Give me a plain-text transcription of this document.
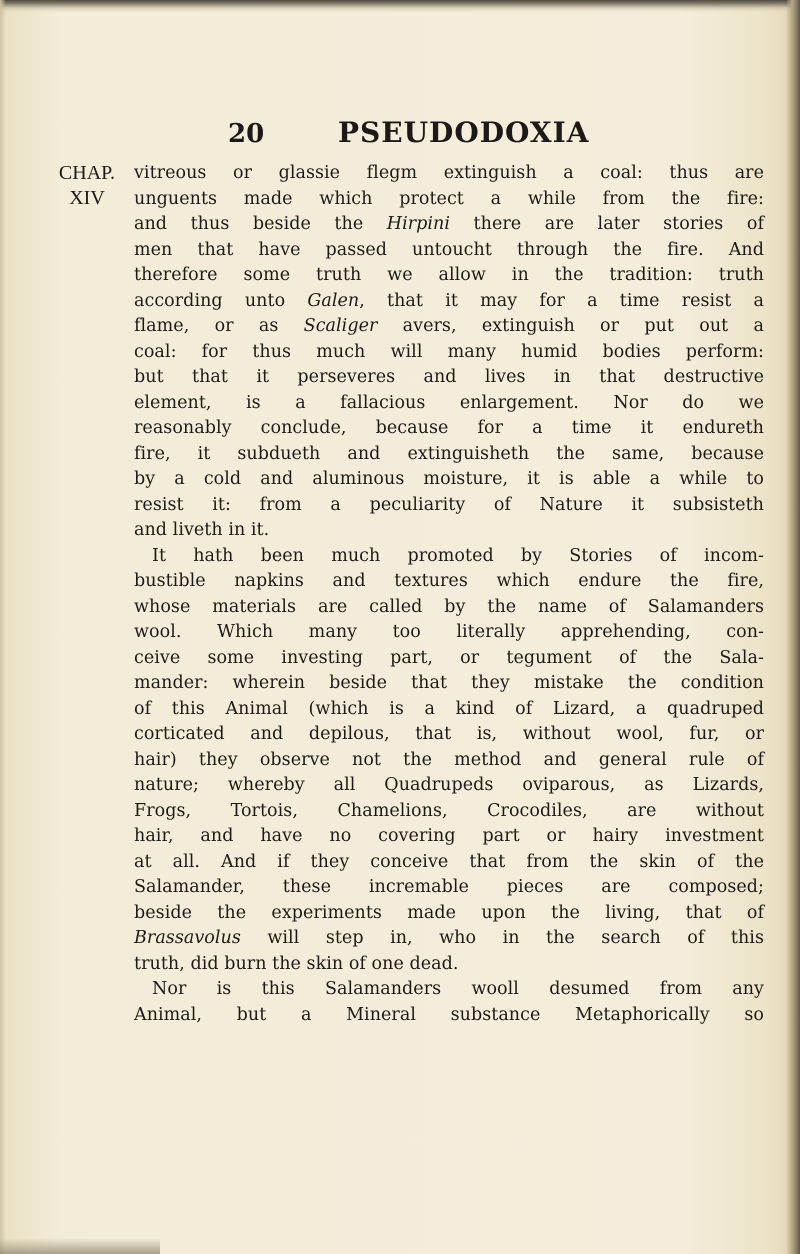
20	PSEUDODOXIA
CHAP.
XIV
vitreous or glassie flegm extinguish a coal: thus are
unguents made which protect a while from the fire:
and thus beside the Hirpini there are later stories of
men that have passed untoucht through the fire. And
therefore some truth we allow in the tradition: truth
according unto Galen, that it may for a time resist a
flame, or as Scaliger avers, extinguish or put out a
coal: for thus much will many humid bodies perform:
but that it perseveres and lives in that destructive
element, is a fallacious enlargement. Nor do we
reasonably conclude, because for a time it endureth
fire, it subdueth and extinguisheth the same, because
by a cold and aluminous moisture, it is able a while to
resist it: from a peculiarity of Nature it subsisteth
and liveth in it.
It hath been much promoted by Stories of incom-
bustible napkins and textures which endure the fire,
whose materials are called by the name of Salamanders
wool. Which many too literally apprehending, con-
ceive some investing part, or tegument of the Sala-
mander: wherein beside that they mistake the condition
of this Animal (which is a kind of Lizard, a quadruped
corticated and depilous, that is, without wool, fur, or
hair) they observe not the method and general rule of
nature; whereby all Quadrupeds oviparous, as Lizards,
Frogs, Tortois, Chamelions, Crocodiles, are without
hair, and have no covering part or hairy investment
at all. And if they conceive that from the skin of the
Salamander, these incremable pieces are composed;
beside the experiments made upon the living, that of
Brassavolus will step in, who in the search of this
truth, did burn the skin of one dead.
Nor is this Salamanders wooll desumed from any
Animal, but a Mineral substance Metaphorically so
